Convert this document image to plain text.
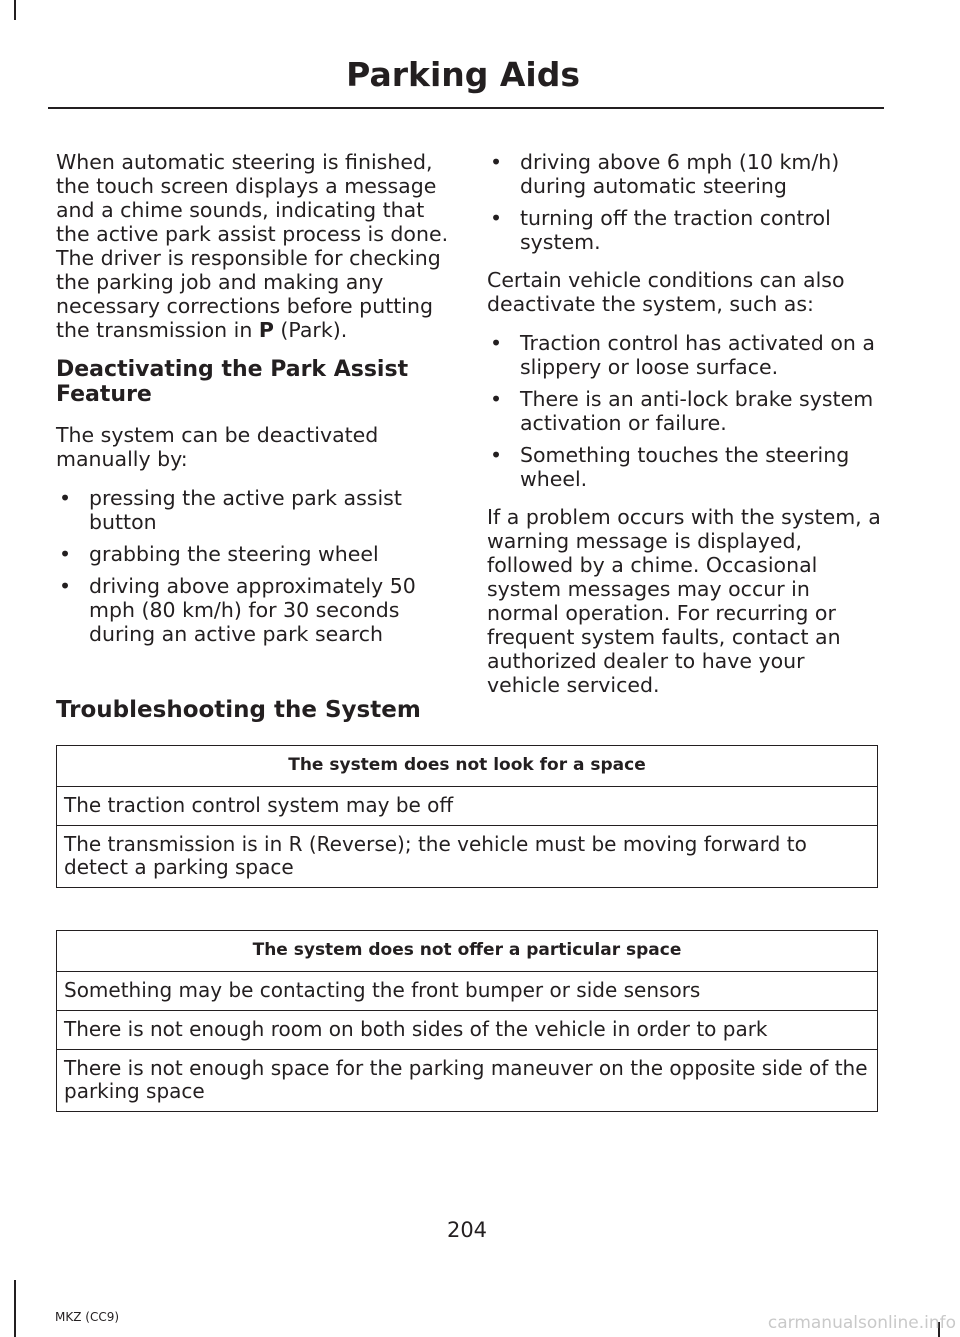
Parking Aids

When automatic steering is finished, the touch screen displays a message and a chime sounds, indicating that the active park assist process is done. The driver is responsible for checking the parking job and making any necessary corrections before putting the transmission in P (Park).

Deactivating the Park Assist Feature

The system can be deactivated manually by:

• pressing the active park assist button
• grabbing the steering wheel
• driving above approximately 50 mph (80 km/h) for 30 seconds during an active park search
• driving above 6 mph (10 km/h) during automatic steering
• turning off the traction control system.

Certain vehicle conditions can also deactivate the system, such as:

• Traction control has activated on a slippery or loose surface.
• There is an anti-lock brake system activation or failure.
• Something touches the steering wheel.

If a problem occurs with the system, a warning message is displayed, followed by a chime. Occasional system messages may occur in normal operation. For recurring or frequent system faults, contact an authorized dealer to have your vehicle serviced.

Troubleshooting the System
The system does not look for a space
The traction control system may be off
The transmission is in R (Reverse); the vehicle must be moving forward to detect a parking space
The system does not offer a particular space
Something may be contacting the front bumper or side sensors
There is not enough room on both sides of the vehicle in order to park
There is not enough space for the parking maneuver on the opposite side of the parking space

204

MKZ (CC9)	carmanualsonline.info
